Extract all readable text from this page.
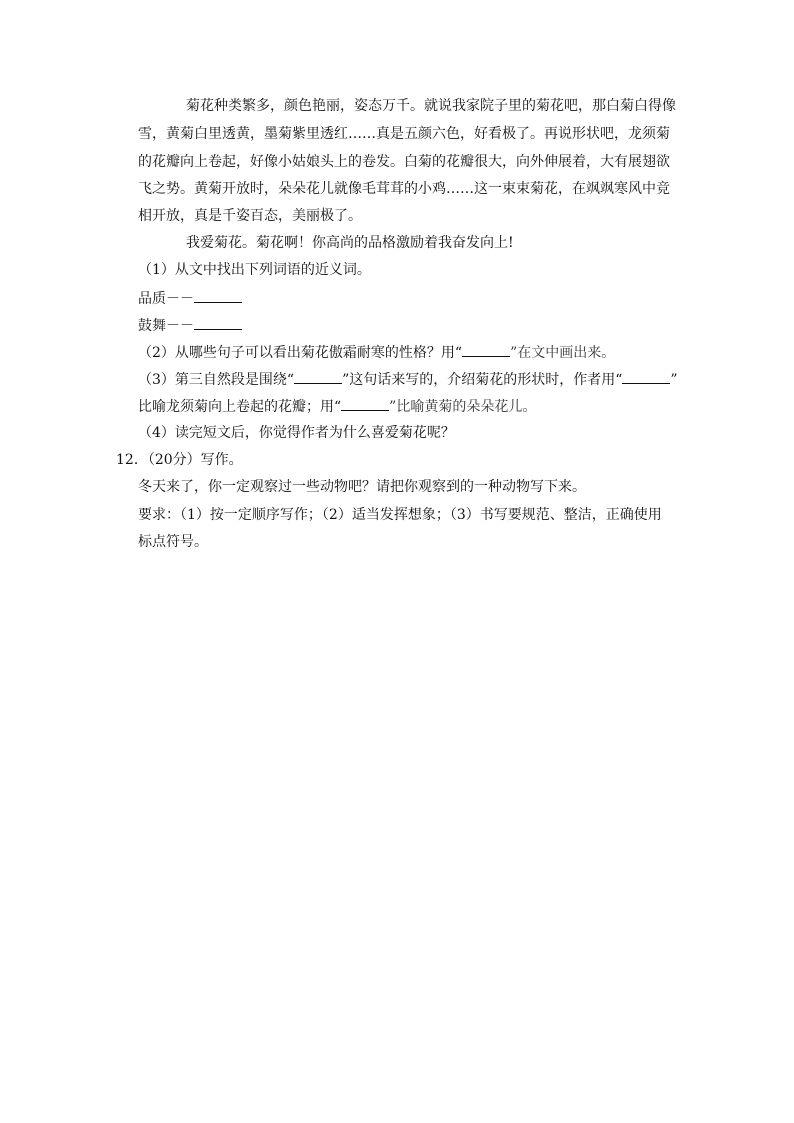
菊花种类繁多，颜色艳丽，姿态万千。就说我家院子里的菊花吧，那白菊白得像
雪，黄菊白里透黄，墨菊紫里透红……真是五颜六色，好看极了。再说形状吧，龙须菊
的花瓣向上卷起，好像小姑娘头上的卷发。白菊的花瓣很大，向外伸展着，大有展翅欲
飞之势。黄菊开放时，朵朵花儿就像毛茸茸的小鸡……这一束束菊花，在飒飒寒风中竞
相开放，真是千姿百态，美丽极了。
我爱菊花。菊花啊！你高尚的品格激励着我奋发向上!
（1）从文中找出下列词语的近义词。
品质－－
鼓舞－－
（2）从哪些句子可以看出菊花傲霜耐寒的性格？用“	”在文中画出来。
（3）第三自然段是围绕“	”这句话来写的，介绍菊花的形状时，作者用“	”
比喻龙须菊向上卷起的花瓣；用“	”比喻黄菊的朵朵花儿。
（4）读完短文后，你觉得作者为什么喜爱菊花呢？
12．（20分）写作。
冬天来了，你一定观察过一些动物吧？请把你观察到的一种动物写下来。
要求：（1）按一定顺序写作；（2）适当发挥想象；（3）书写要规范、整洁，正确使用
标点符号。
